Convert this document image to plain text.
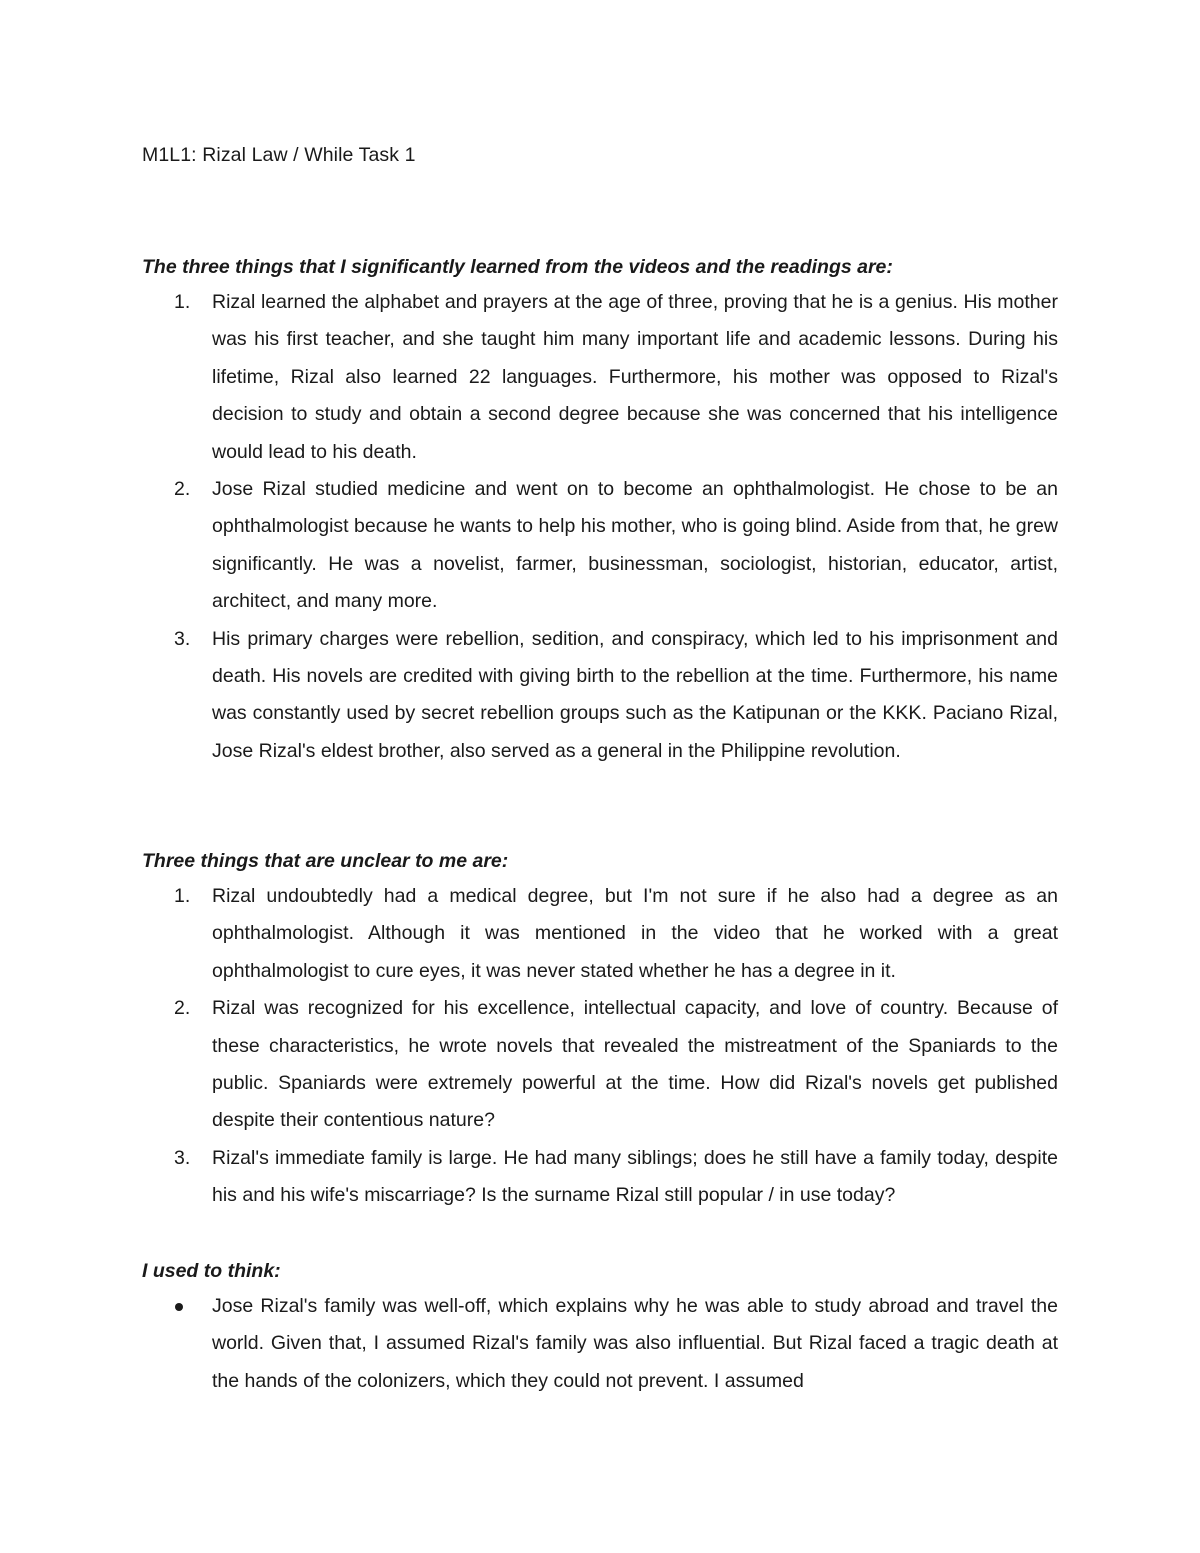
M1L1: Rizal Law / While Task 1
The three things that I significantly learned from the videos and the readings are:
1. Rizal learned the alphabet and prayers at the age of three, proving that he is a genius. His mother was his first teacher, and she taught him many important life and academic lessons. During his lifetime, Rizal also learned 22 languages. Furthermore, his mother was opposed to Rizal's decision to study and obtain a second degree because she was concerned that his intelligence would lead to his death.
2. Jose Rizal studied medicine and went on to become an ophthalmologist. He chose to be an ophthalmologist because he wants to help his mother, who is going blind. Aside from that, he grew significantly. He was a novelist, farmer, businessman, sociologist, historian, educator, artist, architect, and many more.
3. His primary charges were rebellion, sedition, and conspiracy, which led to his imprisonment and death. His novels are credited with giving birth to the rebellion at the time. Furthermore, his name was constantly used by secret rebellion groups such as the Katipunan or the KKK. Paciano Rizal, Jose Rizal's eldest brother, also served as a general in the Philippine revolution.
Three things that are unclear to me are:
1. Rizal undoubtedly had a medical degree, but I'm not sure if he also had a degree as an ophthalmologist. Although it was mentioned in the video that he worked with a great ophthalmologist to cure eyes, it was never stated whether he has a degree in it.
2. Rizal was recognized for his excellence, intellectual capacity, and love of country. Because of these characteristics, he wrote novels that revealed the mistreatment of the Spaniards to the public. Spaniards were extremely powerful at the time. How did Rizal's novels get published despite their contentious nature?
3. Rizal's immediate family is large. He had many siblings; does he still have a family today, despite his and his wife's miscarriage? Is the surname Rizal still popular / in use today?
I used to think:
Jose Rizal's family was well-off, which explains why he was able to study abroad and travel the world. Given that, I assumed Rizal's family was also influential. But Rizal faced a tragic death at the hands of the colonizers, which they could not prevent. I assumed
